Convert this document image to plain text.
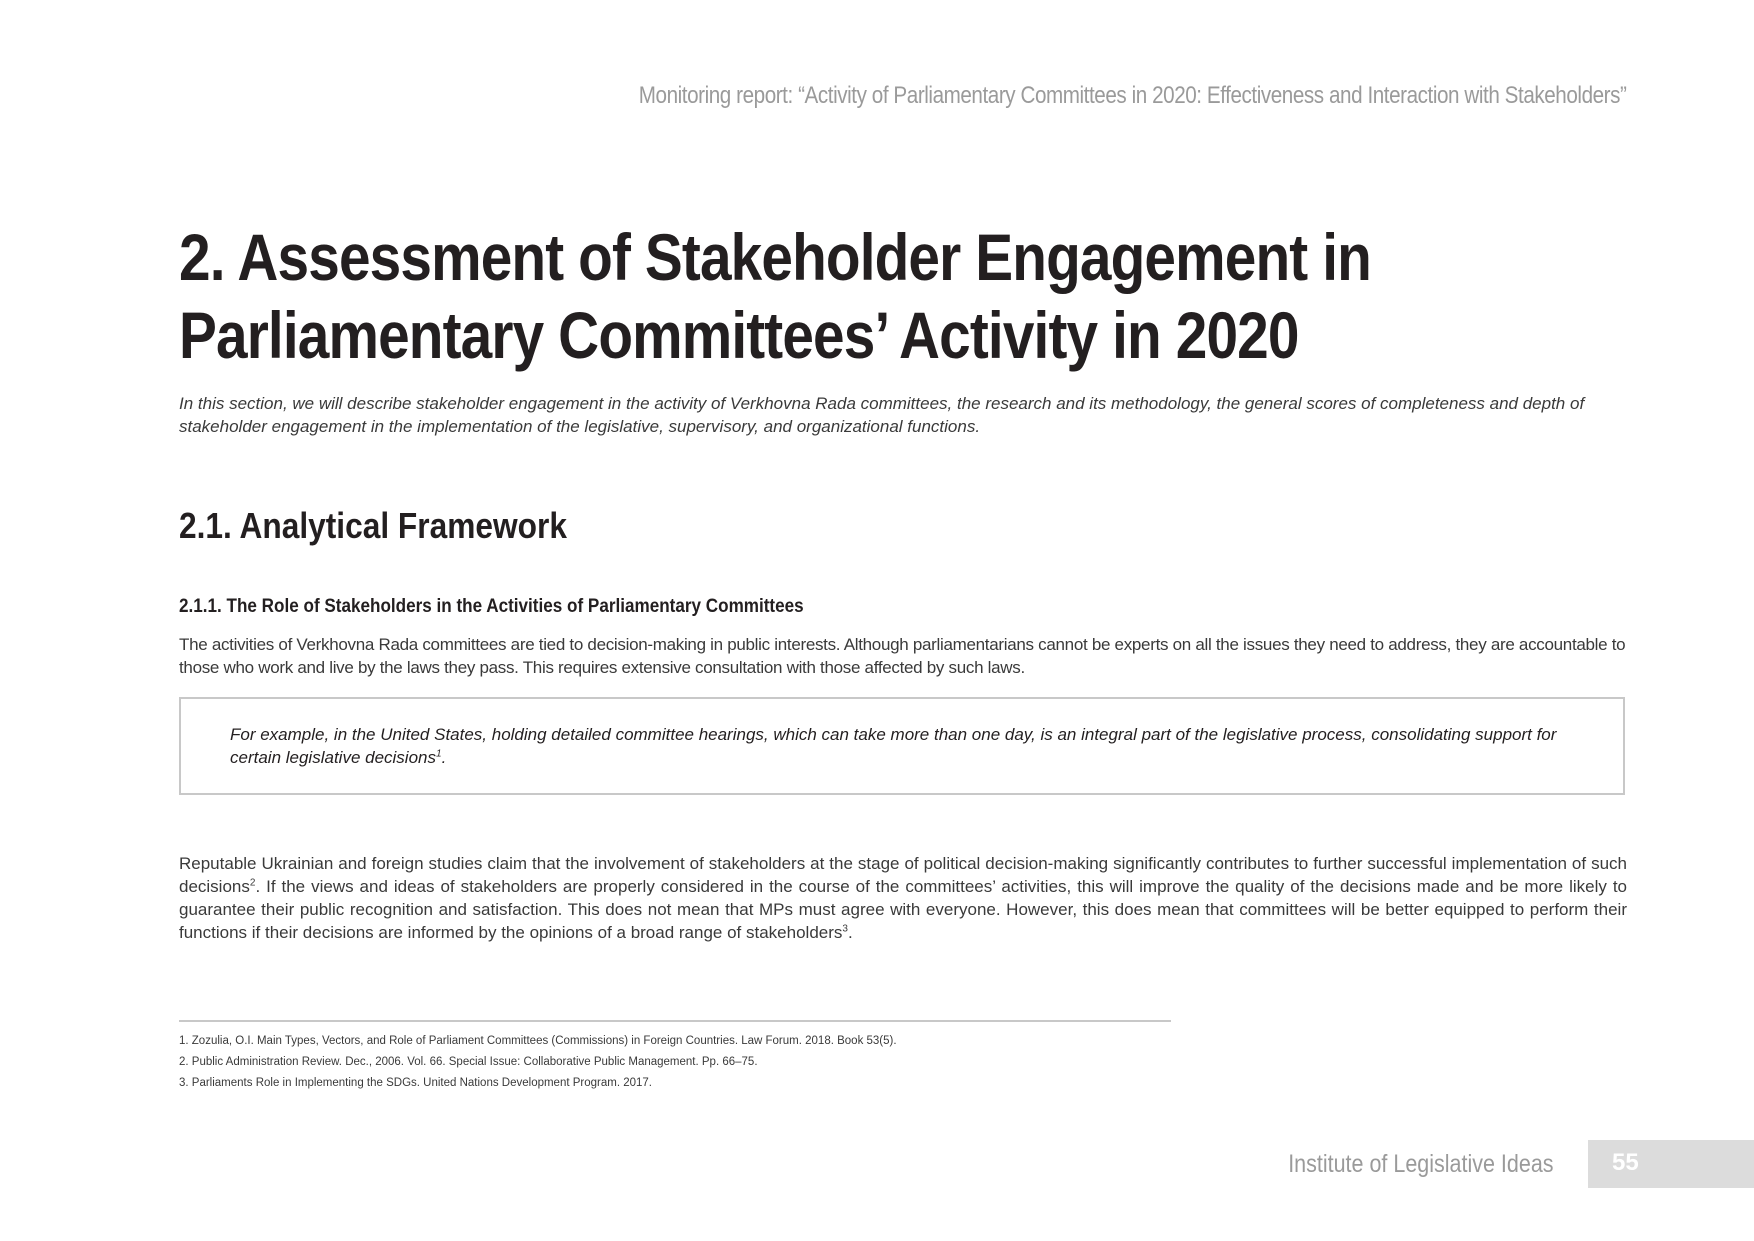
Monitoring report: “Activity of Parliamentary Committees in 2020: Effectiveness and Interaction with Stakeholders”
2. Assessment of Stakeholder Engagement in
Parliamentary Committees’ Activity in 2020

In this section, we will describe stakeholder engagement in the activity of Verkhovna Rada committees, the research and its methodology, the general scores of completeness and depth of stakeholder engagement in the implementation of the legislative, supervisory, and organizational functions.

2.1. Analytical Framework
2.1.1. The Role of Stakeholders in the Activities of Parliamentary Committees

The activities of Verkhovna Rada committees are tied to decision-making in public interests. Although parliamentarians cannot be experts on all the issues they need to address, they are accountable to those who work and live by the laws they pass. This requires extensive consultation with those affected by such laws.

For example, in the United States, holding detailed committee hearings, which can take more than one day, is an integral part of the legislative process, consolidating support for certain legislative decisions$^1$.

Reputable Ukrainian and foreign studies claim that the involvement of stakeholders at the stage of political decision-making significantly contributes to further successful implementation of such decisions$^2$. If the views and ideas of stakeholders are properly considered in the course of the committees’ activities, this will improve the quality of the decisions made and be more likely to guarantee their public recognition and satisfaction. This does not mean that MPs must agree with everyone. However, this does mean that committees will be better equipped to perform their functions if their decisions are informed by the opinions of a broad range of stakeholders$^3$.

1. Zozulia, O.I. Main Types, Vectors, and Role of Parliament Committees (Commissions) in Foreign Countries. Law Forum. 2018. Book 53(5).
2. Public Administration Review. Dec., 2006. Vol. 66. Special Issue: Collaborative Public Management. Pp. 66–75.
3. Parliaments Role in Implementing the SDGs. United Nations Development Program. 2017.
Institute of Legislative Ideas 55
